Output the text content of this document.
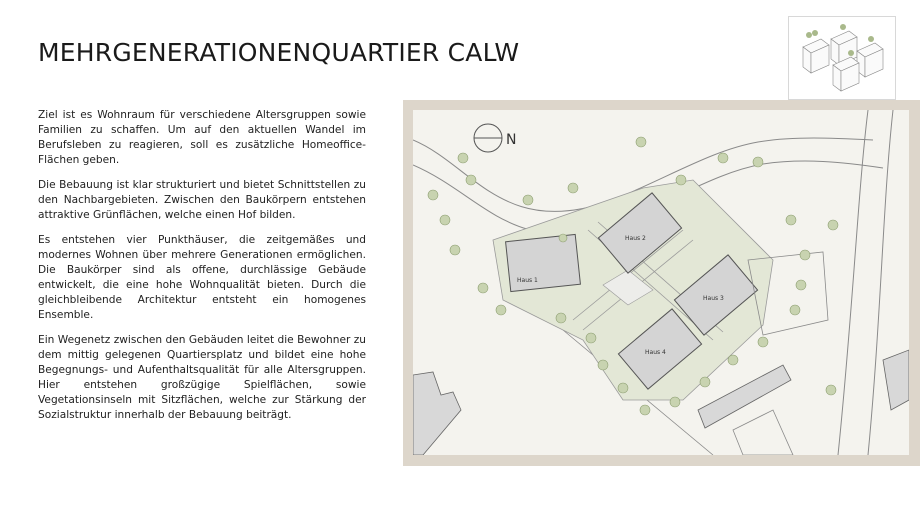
MEHRGENERATIONENQUARTIER CALW

Ziel ist es Wohnraum für verschiedene Altersgruppen sowie Familien zu schaffen. Um auf den aktuellen Wandel im Berufsleben zu reagieren, soll es zusätzliche Homeoffice-Flächen geben.

Die Bebauung ist klar strukturiert und bietet Schnittstellen zu den Nachbargebieten. Zwischen den Baukörpern entstehen attraktive Grünflächen, welche einen Hof bilden.

Es entstehen vier Punkthäuser, die zeitgemäßes und modernes Wohnen über mehrere Generationen ermöglichen. Die Baukörper sind als offene, durchlässige Gebäude entwickelt, die eine hohe Wohnqualität bieten. Durch die gleichbleibende Architektur entsteht ein homogenes Ensemble.

Ein Wegenetz zwischen den Gebäuden leitet die Bewohner zu dem mittig gelegenen Quartiersplatz und bildet eine hohe Begegnungs- und Aufenthaltsqualität für alle Altersgruppen. Hier entstehen großzügige Spielflächen, sowie Vegetationsinseln mit Sitzflächen, welche zur Stärkung der Sozialstruktur innerhalb der Bebauung beiträgt.

Haus 1
Haus 2
Haus 3
Haus 4
N
